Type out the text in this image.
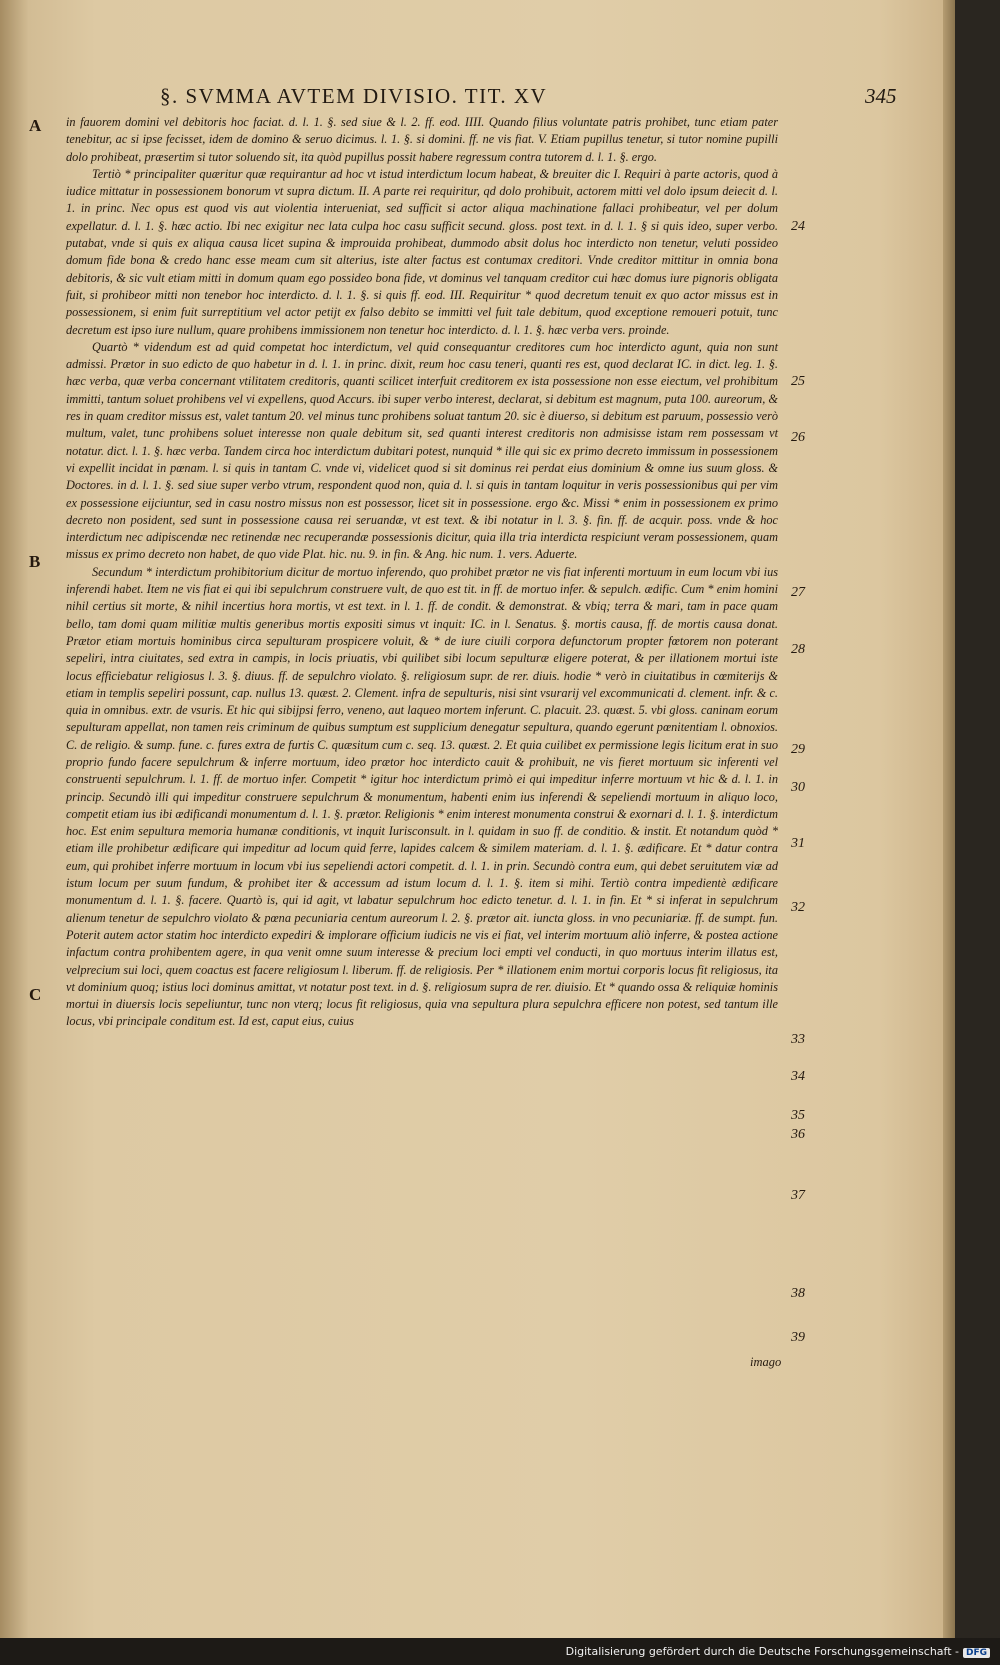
§. SVMMA AVTEM DIVISIO. TIT. XV	345
A
B
C
24
25
26
27
28
29
30
31
32
33
34
35
36
37
38
39

in fauorem domini vel debitoris hoc faciat. d. l. 1. §. sed siue & l. 2. ff. eod. IIII. Quando filius voluntate patris prohibet, tunc etiam pater tenebitur, ac si ipse fecisset, idem de domino & seruo dicimus. l. 1. §. si domini. ff. ne vis fiat. V. Etiam pupillus tenetur, si tutor nomine pupilli dolo prohibeat, præsertim si tutor soluendo sit, ita quòd pupillus possit habere regressum contra tutorem d. l. 1. §. ergo.

Tertiò * principaliter quæritur quæ requirantur ad hoc vt istud interdictum locum habeat, & breuiter dic I. Requiri à parte actoris, quod à iudice mittatur in possessionem bonorum vt supra dictum. II. A parte rei requiritur, qd dolo prohibuit, actorem mitti vel dolo ipsum deiecit d. l. 1. in princ. Nec opus est quod vis aut violentia interueniat, sed sufficit si actor aliqua machinatione fallaci prohibeatur, vel per dolum expellatur. d. l. 1. §. hæc actio. Ibi nec exigitur nec lata culpa hoc casu sufficit secund. gloss. post text. in d. l. 1. § si quis ideo, super verbo. putabat, vnde si quis ex aliqua causa licet supina & improuida prohibeat, dummodo absit dolus hoc interdicto non tenetur, veluti possideo domum fide bona & credo hanc esse meam cum sit alterius, iste alter factus est contumax creditori. Vnde creditor mittitur in omnia bona debitoris, & sic vult etiam mitti in domum quam ego possideo bona fide, vt dominus vel tanquam creditor cui hæc domus iure pignoris obligata fuit, si prohibeor mitti non tenebor hoc interdicto. d. l. 1. §. si quis ff. eod. III. Requiritur * quod decretum tenuit ex quo actor missus est in possessionem, si enim fuit surreptitium vel actor petijt ex falso debito se immitti vel fuit tale debitum, quod exceptione remoueri potuit, tunc decretum est ipso iure nullum, quare prohibens immissionem non tenetur hoc interdicto. d. l. 1. §. hæc verba vers. proinde.

Quartò * videndum est ad quid competat hoc interdictum, vel quid consequantur creditores cum hoc interdicto agunt, quia non sunt admissi. Prætor in suo edicto de quo habetur in d. l. 1. in princ. dixit, reum hoc casu teneri, quanti res est, quod declarat IC. in dict. leg. 1. §. hæc verba, quæ verba concernant vtilitatem creditoris, quanti scilicet interfuit creditorem ex ista possessione non esse eiectum, vel prohibitum immitti, tantum soluet prohibens vel vi expellens, quod Accurs. ibi super verbo interest, declarat, si debitum est magnum, puta 100. aureorum, & res in quam creditor missus est, valet tantum 20. vel minus tunc prohibens soluat tantum 20. sic è diuerso, si debitum est paruum, possessio verò multum, valet, tunc prohibens soluet interesse non quale debitum sit, sed quanti interest creditoris non admisisse istam rem possessam vt notatur. dict. l. 1. §. hæc verba. Tandem circa hoc interdictum dubitari potest, nunquid * ille qui sic ex primo decreto immissum in possessionem vi expellit incidat in pœnam. l. si quis in tantam C. vnde vi, videlicet quod si sit dominus rei perdat eius dominium & omne ius suum gloss. & Doctores. in d. l. 1. §. sed siue super verbo vtrum, respondent quod non, quia d. l. si quis in tantam loquitur in veris possessionibus qui per vim ex possessione eijciuntur, sed in casu nostro missus non est possessor, licet sit in possessione. ergo &c. Missi * enim in possessionem ex primo decreto non posident, sed sunt in possessione causa rei seruandæ, vt est text. & ibi notatur in l. 3. §. fin. ff. de acquir. poss. vnde & hoc interdictum nec adipiscendæ nec retinendæ nec recuperandæ possessionis dicitur, quia illa tria interdicta respiciunt veram possessionem, quam missus ex primo decreto non habet, de quo vide Plat. hic. nu. 9. in fin. & Ang. hic num. 1. vers. Aduerte.

Secundum * interdictum prohibitorium dicitur de mortuo inferendo, quo prohibet prætor ne vis fiat inferenti mortuum in eum locum vbi ius inferendi habet. Item ne vis fiat ei qui ibi sepulchrum construere vult, de quo est tit. in ff. de mortuo infer. & sepulch. ædific. Cum * enim homini nihil certius sit morte, & nihil incertius hora mortis, vt est text. in l. 1. ff. de condit. & demonstrat. & vbiq; terra & mari, tam in pace quam bello, tam domi quam militiæ multis generibus mortis expositi simus vt inquit: IC. in l. Senatus. §. mortis causa, ff. de mortis causa donat. Prætor etiam mortuis hominibus circa sepulturam prospicere voluit, & * de iure ciuili corpora defunctorum propter fœtorem non poterant sepeliri, intra ciuitates, sed extra in campis, in locis priuatis, vbi quilibet sibi locum sepulturæ eligere poterat, & per illationem mortui iste locus efficiebatur religiosus l. 3. §. diuus. ff. de sepulchro violato. §. religiosum supr. de rer. diuis. hodie * verò in ciuitatibus in cœmiterijs & etiam in templis sepeliri possunt, cap. nullus 13. quæst. 2. Clement. infra de sepulturis, nisi sint vsurarij vel excommunicati d. clement. infr. & c. quia in omnibus. extr. de vsuris. Et hic qui sibijpsi ferro, veneno, aut laqueo mortem inferunt. C. placuit. 23. quæst. 5. vbi gloss. caninam eorum sepulturam appellat, non tamen reis criminum de quibus sumptum est supplicium denegatur sepultura, quando egerunt pœnitentiam l. obnoxios. C. de religio. & sump. fune. c. fures extra de furtis C. quæsitum cum c. seq. 13. quæst. 2. Et quia cuilibet ex permissione legis licitum erat in suo proprio fundo facere sepulchrum & inferre mortuum, ideo prætor hoc interdicto cauit & prohibuit, ne vis fieret mortuum sic inferenti vel construenti sepulchrum. l. 1. ff. de mortuo infer. Competit * igitur hoc interdictum primò ei qui impeditur inferre mortuum vt hic & d. l. 1. in princip. Secundò illi qui impeditur construere sepulchrum & monumentum, habenti enim ius inferendi & sepeliendi mortuum in aliquo loco, competit etiam ius ibi ædificandi monumentum d. l. 1. §. prætor. Religionis * enim interest monumenta construi & exornari d. l. 1. §. interdictum hoc. Est enim sepultura memoria humanæ conditionis, vt inquit Iurisconsult. in l. quidam in suo ff. de conditio. & instit. Et notandum quòd * etiam ille prohibetur ædificare qui impeditur ad locum quid ferre, lapides calcem & similem materiam. d. l. 1. §. ædificare. Et * datur contra eum, qui prohibet inferre mortuum in locum vbi ius sepeliendi actori competit. d. l. 1. in prin. Secundò contra eum, qui debet seruitutem viæ ad istum locum per suum fundum, & prohibet iter & accessum ad istum locum d. l. 1. §. item si mihi. Tertiò contra impedientè ædificare monumentum d. l. 1. §. facere. Quartò is, qui id agit, vt labatur sepulchrum hoc edicto tenetur. d. l. 1. in fin. Et * si inferat in sepulchrum alienum tenetur de sepulchro violato & pœna pecuniaria centum aureorum l. 2. §. prætor ait. iuncta gloss. in vno pecuniariæ. ff. de sumpt. fun. Poterit autem actor statim hoc interdicto expediri & implorare officium iudicis ne vis ei fiat, vel interim mortuum aliò inferre, & postea actione infactum contra prohibentem agere, in qua venit omne suum interesse & precium loci empti vel conducti, in quo mortuus interim illatus est, velprecium sui loci, quem coactus est facere religiosum l. liberum. ff. de religiosis. Per * illationem enim mortui corporis locus fit religiosus, ita vt dominium quoq; istius loci dominus amittat, vt notatur post text. in d. §. religiosum supra de rer. diuisio. Et * quando ossa & reliquiæ hominis mortui in diuersis locis sepeliuntur, tunc non vterq; locus fit religiosus, quia vna sepultura plura sepulchra efficere non potest, sed tantum ille locus, vbi principale conditum est. Id est, caput eius, cuius

imago
Digitalisierung gefördert durch die Deutsche Forschungsgemeinschaft - DFG
